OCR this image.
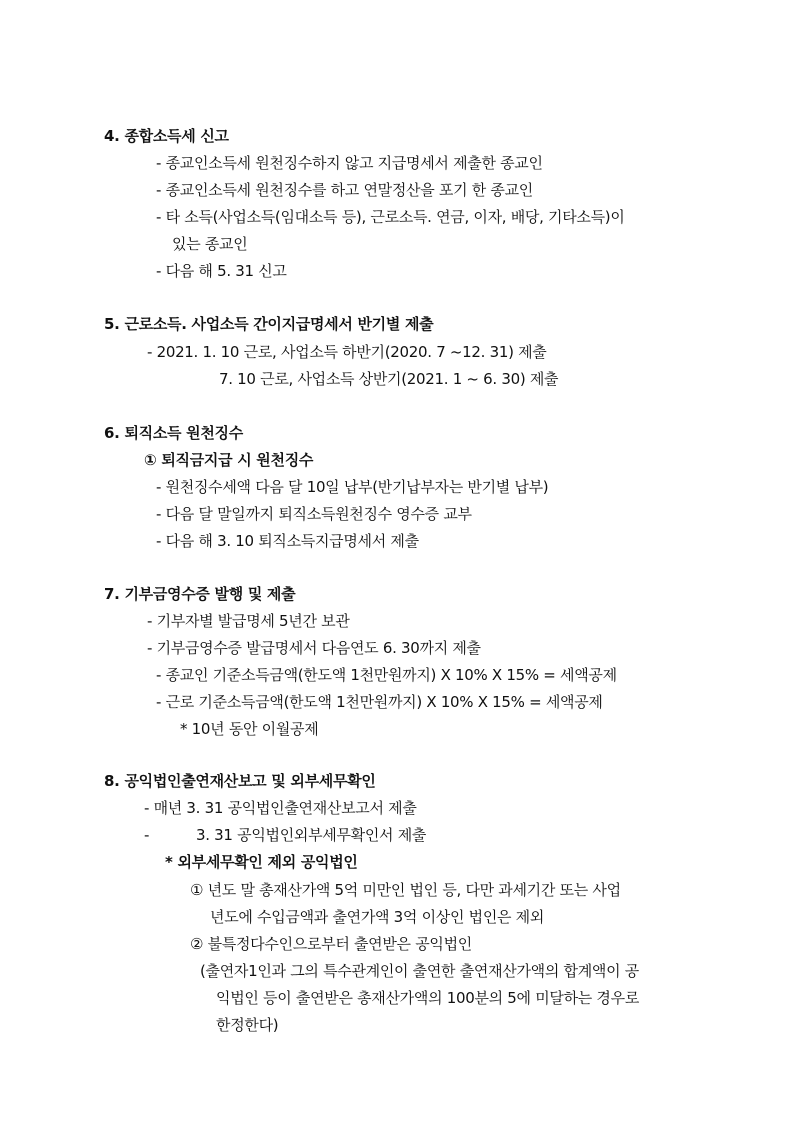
4. 종합소득세 신고
- 종교인소득세 원천징수하지 않고 지급명세서 제출한 종교인
- 종교인소득세 원천징수를 하고 연말정산을 포기 한 종교인
- 타 소득(사업소득(임대소득 등), 근로소득. 연금, 이자, 배당, 기타소득)이
있는 종교인
- 다음 해 5. 31 신고
5. 근로소득. 사업소득 간이지급명세서 반기별 제출
- 2021. 1. 10 근로, 사업소득 하반기(2020. 7 ~12. 31) 제출
7. 10 근로, 사업소득 상반기(2021. 1 ~ 6. 30) 제출
6. 퇴직소득 원천징수
① 퇴직금지급 시 원천징수
- 원천징수세액 다음 달 10일 납부(반기납부자는 반기별 납부)
- 다음 달 말일까지 퇴직소득원천징수 영수증 교부
- 다음 해 3. 10 퇴직소득지급명세서 제출
7. 기부금영수증 발행 및 제출
- 기부자별 발급명세 5년간 보관
- 기부금영수증 발급명세서 다음연도 6. 30까지 제출
- 종교인 기준소득금액(한도액 1천만원까지) X 10% X 15% = 세액공제
- 근로 기준소득금액(한도액 1천만원까지) X 10% X 15% = 세액공제
* 10년 동안 이월공제
8. 공익법인출연재산보고 및 외부세무확인
- 매년 3. 31 공익법인출연재산보고서 제출
-	3. 31 공익법인외부세무확인서 제출
* 외부세무확인 제외 공익법인
① 년도 말 총재산가액 5억 미만인 법인 등, 다만 과세기간 또는 사업
년도에 수입금액과 출연가액 3억 이상인 법인은 제외
② 불특정다수인으로부터 출연받은 공익법인
(출연자1인과 그의 특수관계인이 출연한 출연재산가액의 합계액이 공
익법인 등이 출연받은 총재산가액의 100분의 5에 미달하는 경우로
한정한다)
